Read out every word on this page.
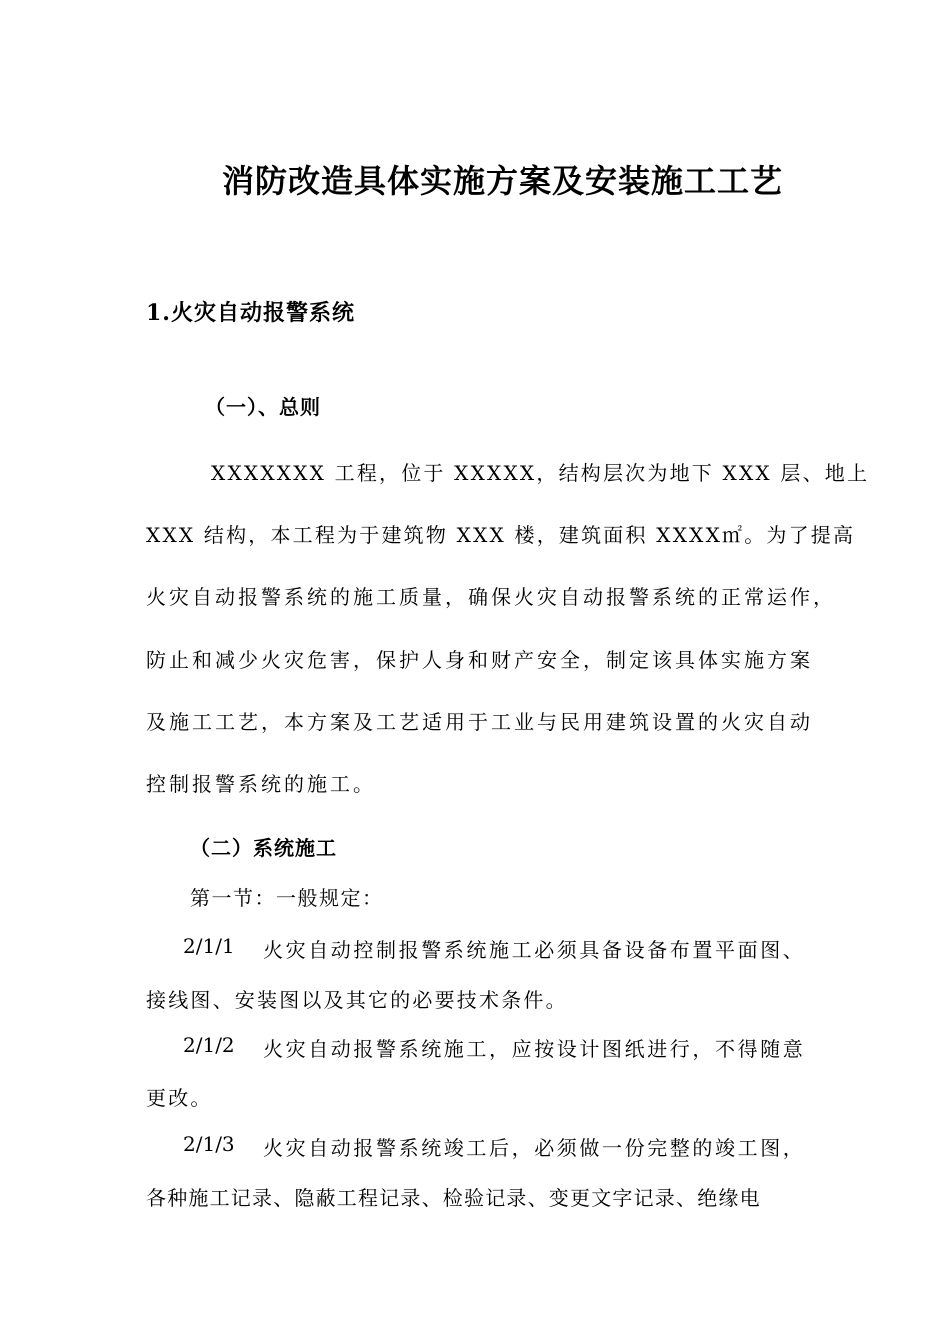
消防改造具体实施方案及安装施工工艺
1.火灾自动报警系统
（一）、总则
XXXXXXX 工程，位于 XXXXX，结构层次为地下 XXX 层、地上
XXX 结构，本工程为于建筑物 XXX 楼，建筑面积 XXXX㎡。为了提高
火灾自动报警系统的施工质量，确保火灾自动报警系统的正常运作，
防止和减少火灾危害，保护人身和财产安全，制定该具体实施方案
及施工工艺，本方案及工艺适用于工业与民用建筑设置的火灾自动
控制报警系统的施工。
（二）系统施工
第一节：一般规定：
2/1/1 火灾自动控制报警系统施工必须具备设备布置平面图、
接线图、安装图以及其它的必要技术条件。
2/1/2 火灾自动报警系统施工，应按设计图纸进行，不得随意
更改。
2/1/3 火灾自动报警系统竣工后，必须做一份完整的竣工图，
各种施工记录、隐蔽工程记录、检验记录、变更文字记录、绝缘电
